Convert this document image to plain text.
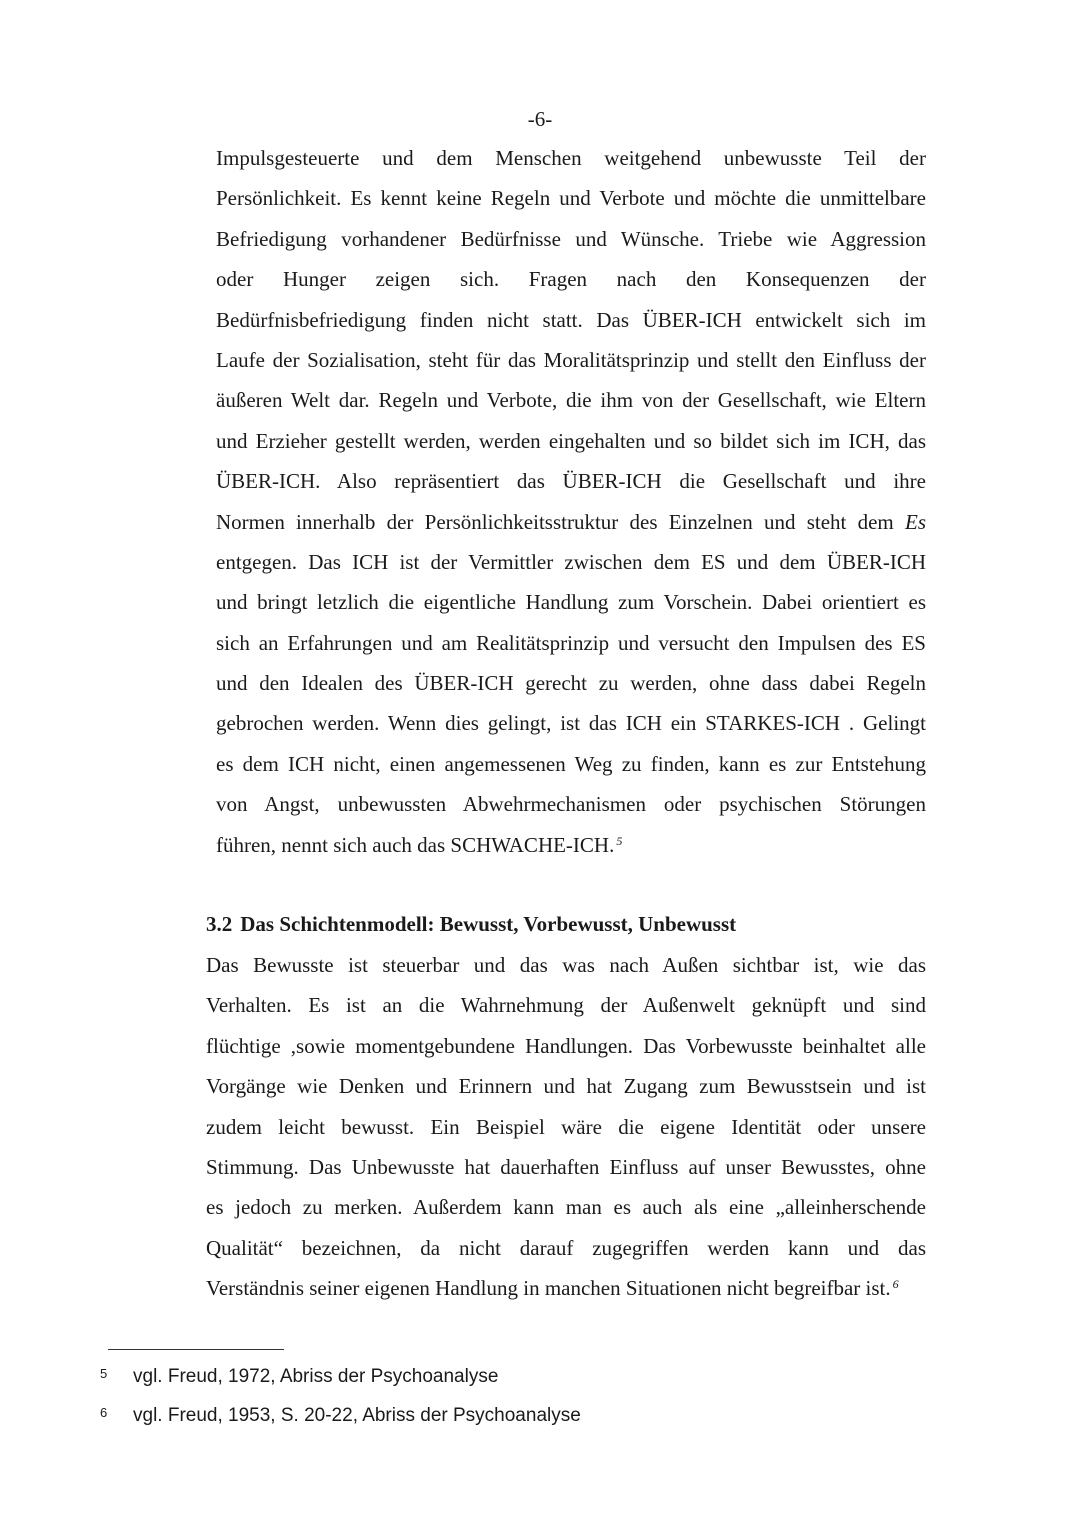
-6-
Impulsgesteuerte und dem Menschen weitgehend unbewusste Teil der
Persönlichkeit. Es kennt keine Regeln und Verbote und möchte die unmittelbare
Befriedigung vorhandener Bedürfnisse und Wünsche. Triebe wie Aggression
oder Hunger zeigen sich. Fragen nach den Konsequenzen der
Bedürfnisbefriedigung finden nicht statt. Das ÜBER-ICH entwickelt sich im
Laufe der Sozialisation, steht für das Moralitätsprinzip und stellt den Einfluss der
äußeren Welt dar. Regeln und Verbote, die ihm von der Gesellschaft, wie Eltern
und Erzieher gestellt werden, werden eingehalten und so bildet sich im ICH, das
ÜBER-ICH. Also repräsentiert das ÜBER-ICH die Gesellschaft und ihre
Normen innerhalb der Persönlichkeitsstruktur des Einzelnen und steht dem Es
entgegen. Das ICH ist der Vermittler zwischen dem ES und dem ÜBER-ICH
und bringt letzlich die eigentliche Handlung zum Vorschein. Dabei orientiert es
sich an Erfahrungen und am Realitätsprinzip und versucht den Impulsen des ES
und den Idealen des ÜBER-ICH gerecht zu werden, ohne dass dabei Regeln
gebrochen werden. Wenn dies gelingt, ist das ICH ein STARKES-ICH . Gelingt
es dem ICH nicht, einen angemessenen Weg zu finden, kann es zur Entstehung
von Angst, unbewussten Abwehrmechanismen oder psychischen Störungen
führen, nennt sich auch das SCHWACHE-ICH. $^5$
3.2 Das Schichtenmodell: Bewusst, Vorbewusst, Unbewusst
Das Bewusste ist steuerbar und das was nach Außen sichtbar ist, wie das
Verhalten. Es ist an die Wahrnehmung der Außenwelt geknüpft und sind
flüchtige ,sowie momentgebundene Handlungen. Das Vorbewusste beinhaltet alle
Vorgänge wie Denken und Erinnern und hat Zugang zum Bewusstsein und ist
zudem leicht bewusst. Ein Beispiel wäre die eigene Identität oder unsere
Stimmung. Das Unbewusste hat dauerhaften Einfluss auf unser Bewusstes, ohne
es jedoch zu merken. Außerdem kann man es auch als eine „alleinherschende
Qualität“ bezeichnen, da nicht darauf zugegriffen werden kann und das
Verständnis seiner eigenen Handlung in manchen Situationen nicht begreifbar ist. $^6$
5 vgl. Freud, 1972, Abriss der Psychoanalyse
6 vgl. Freud, 1953, S. 20-22, Abriss der Psychoanalyse
